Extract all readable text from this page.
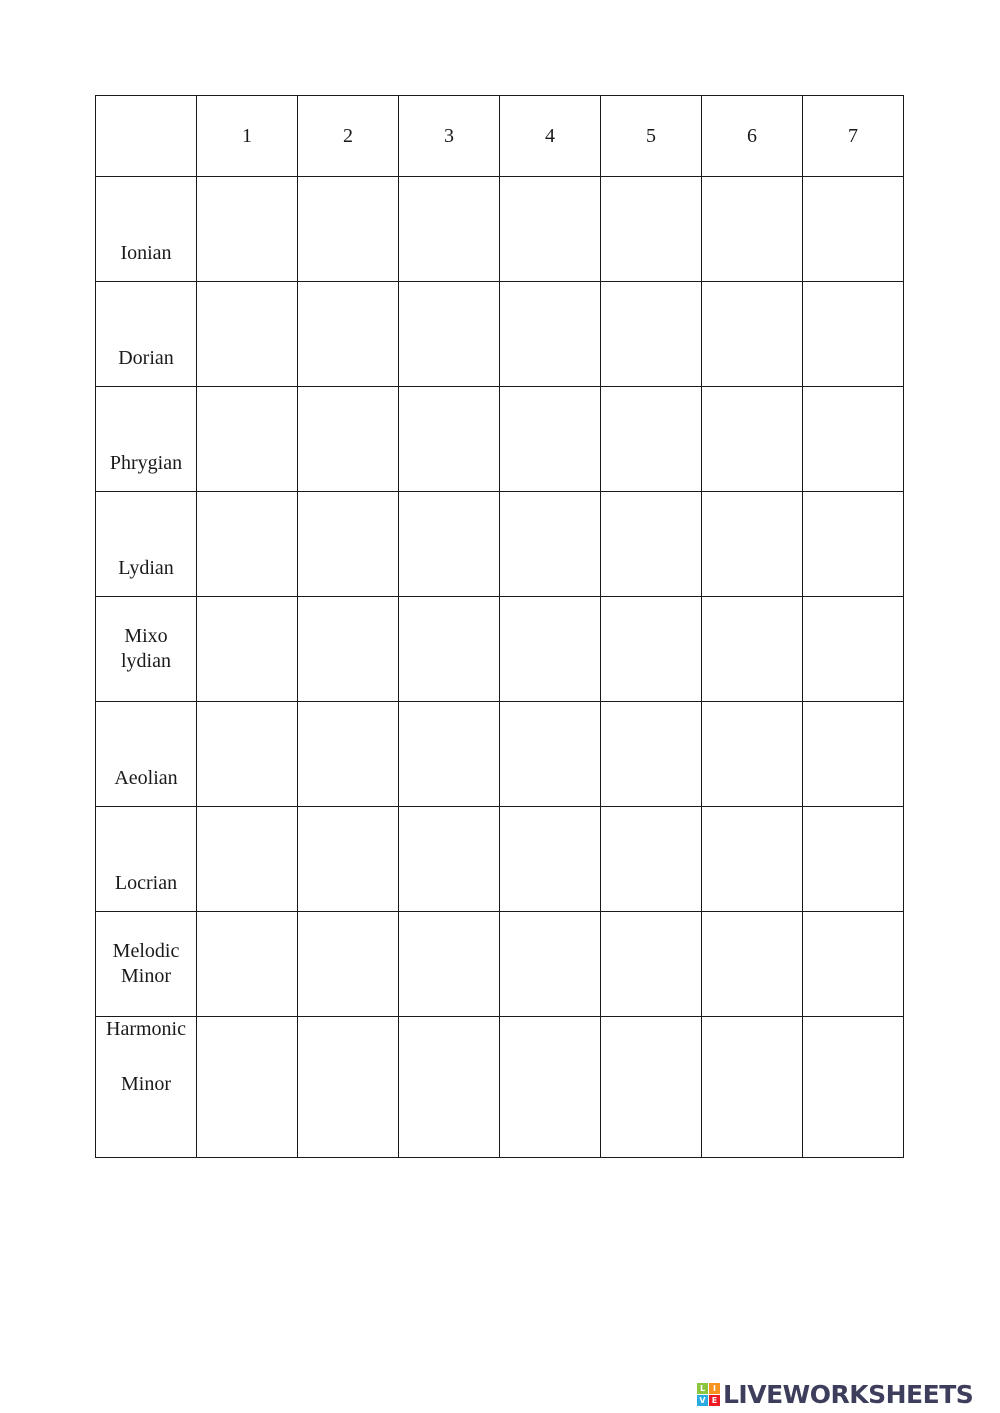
	1	2	3	4	5	6	7

Ionian							

Dorian							

Phrygian							

Lydian							

Mixo
lydian							

Aeolian							

Locrian							

Melodic
Minor							

Harmonic
Minor							

L I
V E LIVEWORKSHEETS
